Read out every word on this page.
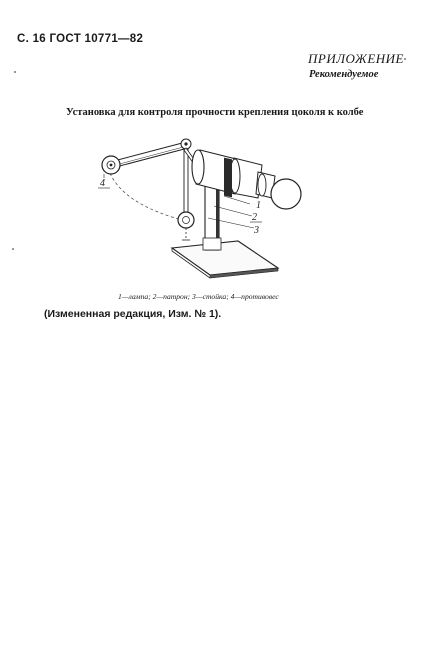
С. 16 ГОСТ 10771—82
ПРИЛОЖЕНИЕ
Рекомендуемое
Установка для контроля прочности крепления цоколя к колбе
1
2
3
4
1—лампа; 2—патрон; 3—стойка; 4—противовес
(Измененная редакция, Изм. № 1).
